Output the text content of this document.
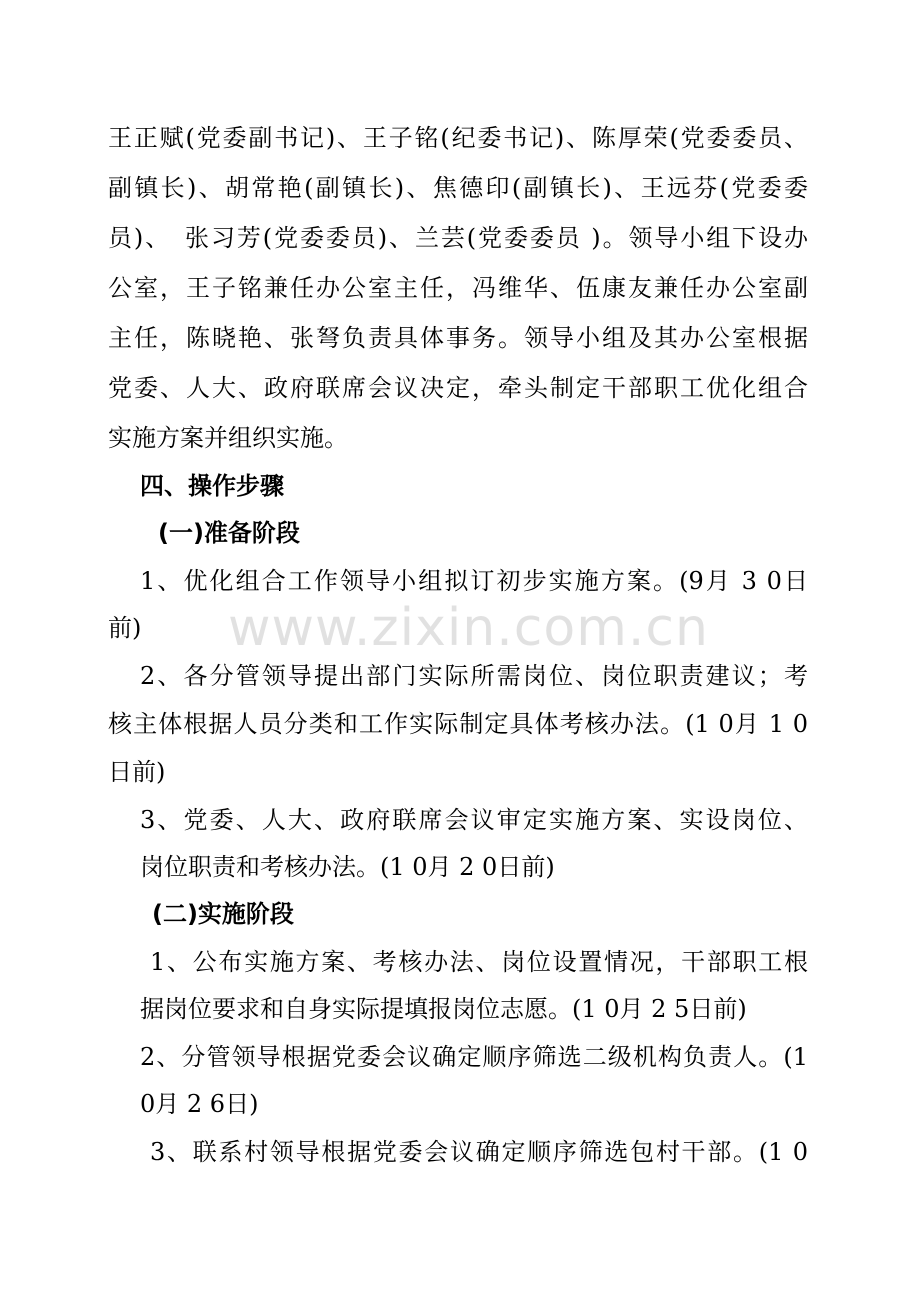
王正赋(党委副书记)、王子铭(纪委书记)、陈厚荣(党委委员、
副镇长)、胡常艳(副镇长)、焦德印(副镇长)、王远芬(党委委
员)、　张习芳(党委委员)、兰芸(党委委员 )。领导小组下设办
公室，王子铭兼任办公室主任，冯维华、伍康友兼任办公室副
主任，陈晓艳、张弩负责具体事务。领导小组及其办公室根据
党委、人大、政府联席会议决定，牵头制定干部职工优化组合
实施方案并组织实施。
四、操作步骤
(一)准备阶段
1、优化组合工作领导小组拟订初步实施方案。(9月 3 0日
前)
2、各分管领导提出部门实际所需岗位、岗位职责建议；考
核主体根据人员分类和工作实际制定具体考核办法。(1 0月 1 0
日前)
3、党委、人大、政府联席会议审定实施方案、实设岗位、
岗位职责和考核办法。(1 0月 2 0日前)
(二)实施阶段
1、公布实施方案、考核办法、岗位设置情况，干部职工根
据岗位要求和自身实际提填报岗位志愿。(1 0月 2 5日前)
2、分管领导根据党委会议确定顺序筛选二级机构负责人。(1
0月 2 6日)
3、联系村领导根据党委会议确定顺序筛选包村干部。(1 0
www.zixin.com.cn
